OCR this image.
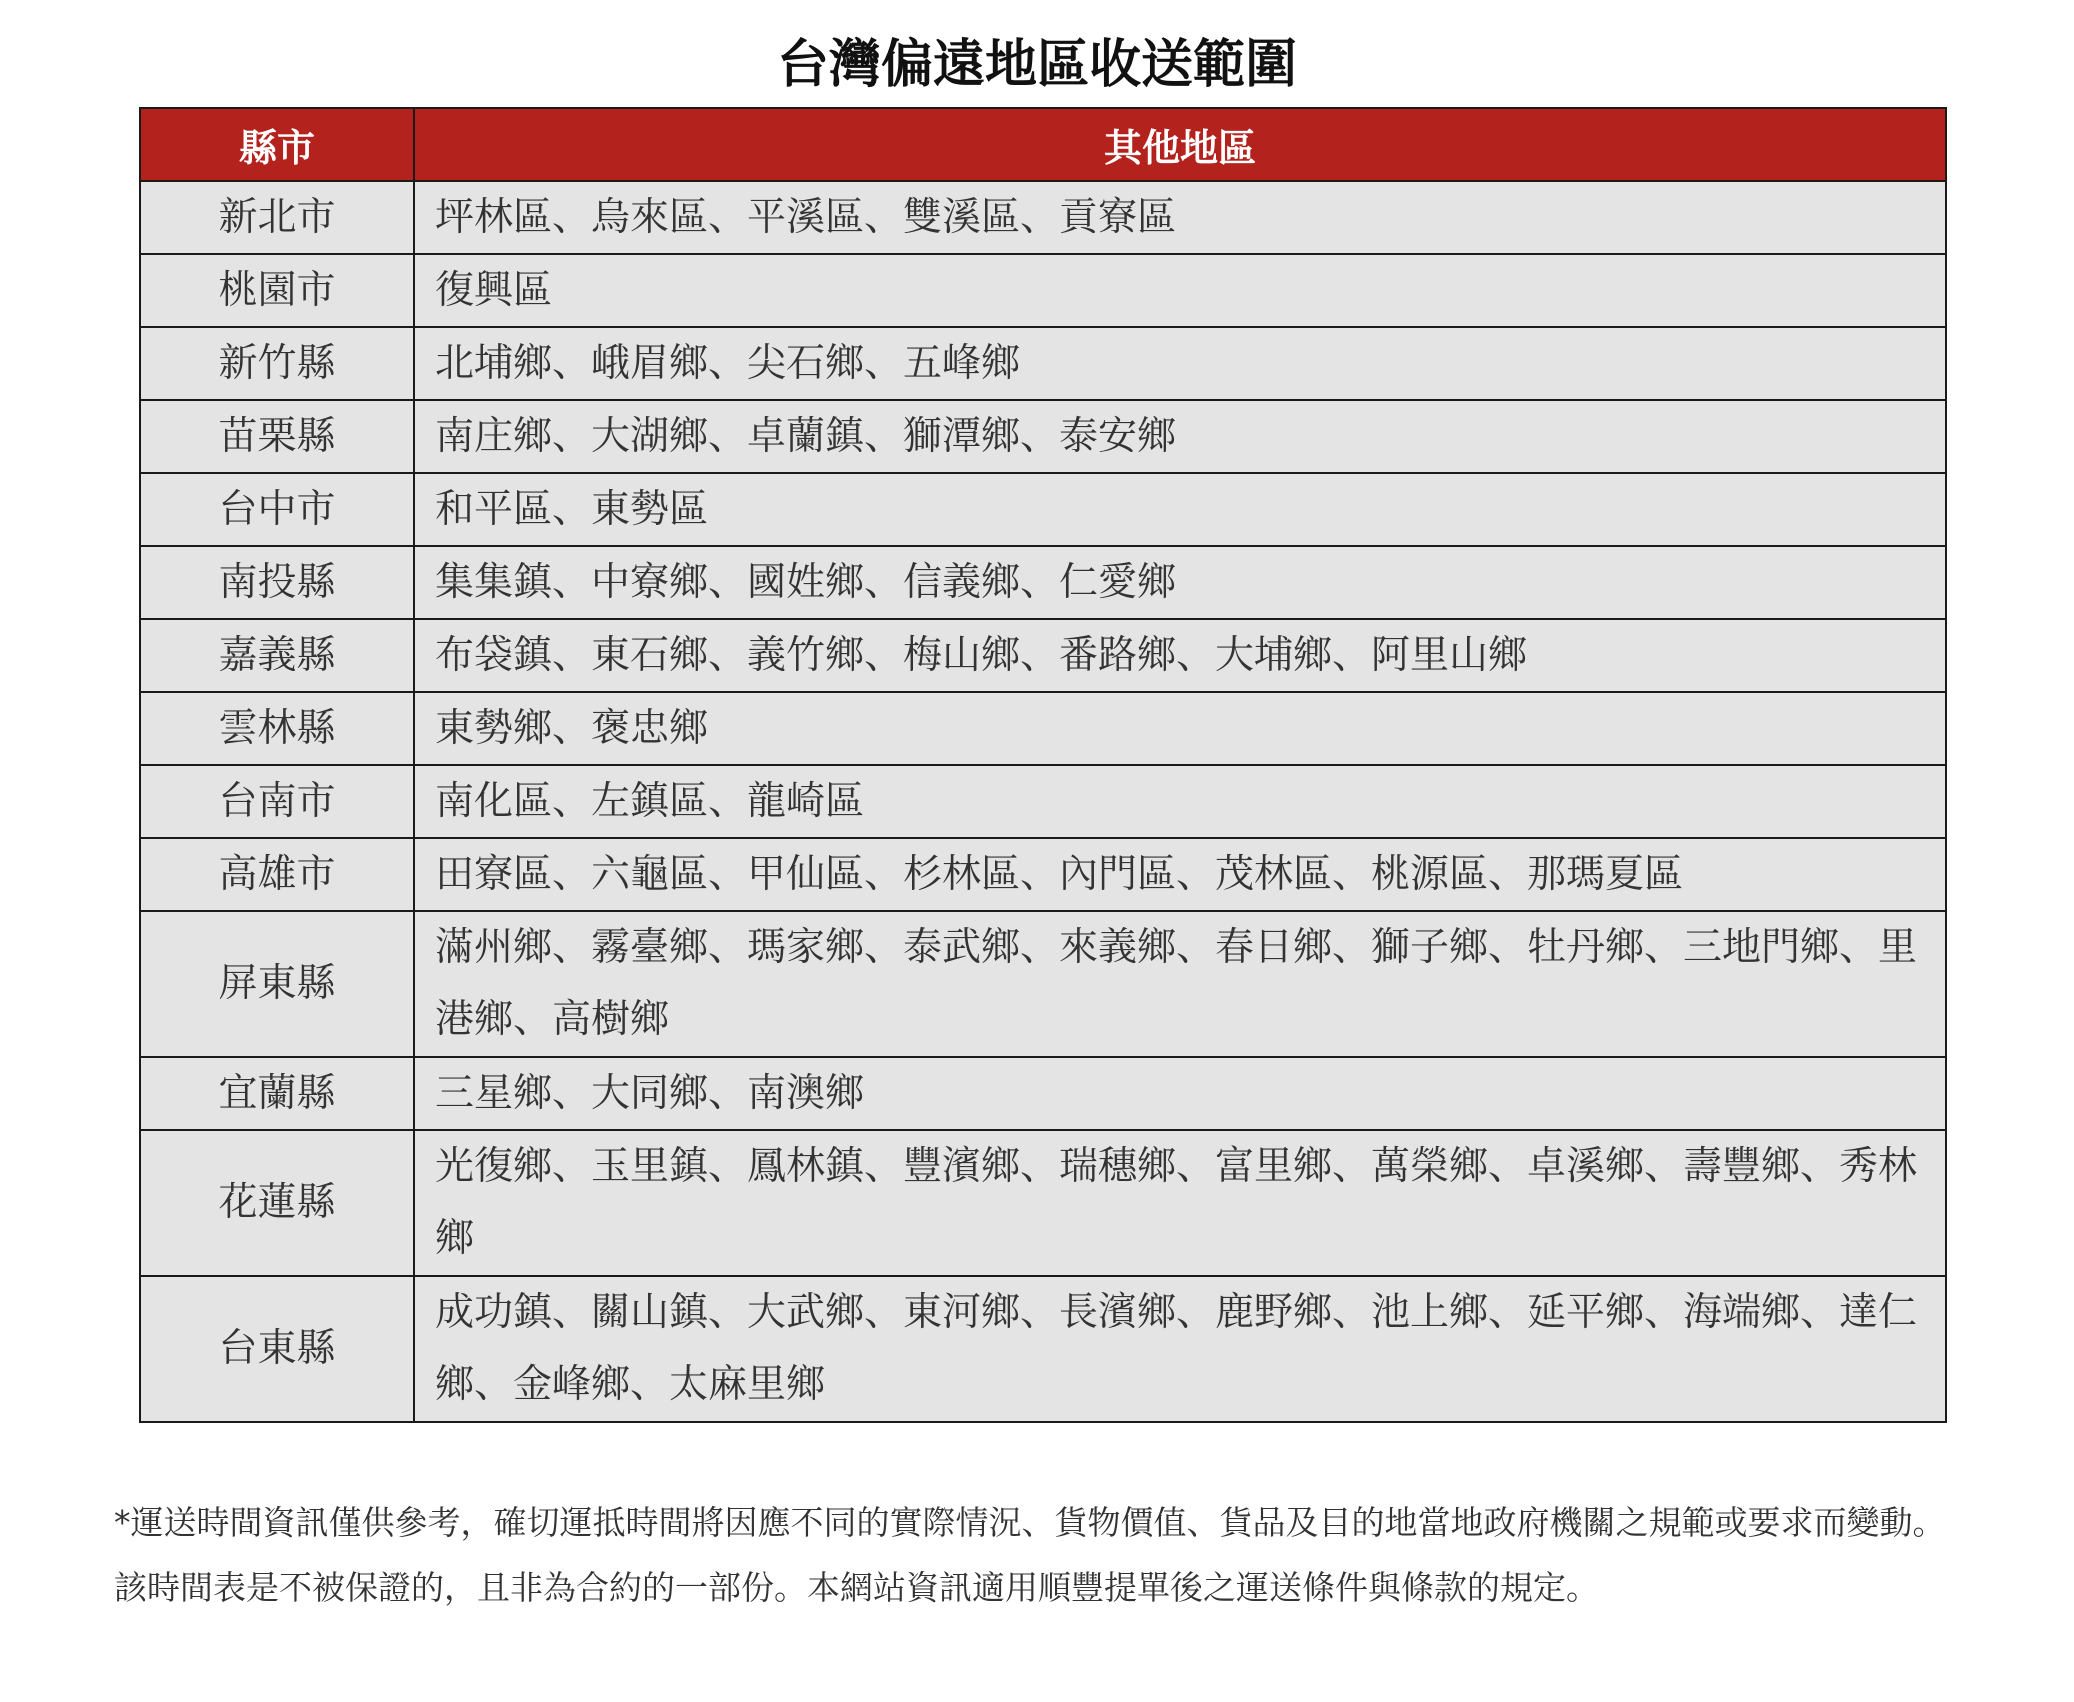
台灣偏遠地區收送範圍
縣市	其他地區
新北市	坪林區、烏來區、平溪區、雙溪區、貢寮區
桃園市	復興區
新竹縣	北埔鄉、峨眉鄉、尖石鄉、五峰鄉
苗栗縣	南庄鄉、大湖鄉、卓蘭鎮、獅潭鄉、泰安鄉
台中市	和平區、東勢區
南投縣	集集鎮、中寮鄉、國姓鄉、信義鄉、仁愛鄉
嘉義縣	布袋鎮、東石鄉、義竹鄉、梅山鄉、番路鄉、大埔鄉、阿里山鄉
雲林縣	東勢鄉、褒忠鄉
台南市	南化區、左鎮區、龍崎區
高雄市	田寮區、六龜區、甲仙區、杉林區、內門區、茂林區、桃源區、那瑪夏區
屏東縣	滿州鄉、霧臺鄉、瑪家鄉、泰武鄉、來義鄉、春日鄉、獅子鄉、牡丹鄉、三地門鄉、里港鄉、高樹鄉
宜蘭縣	三星鄉、大同鄉、南澳鄉
花蓮縣	光復鄉、玉里鎮、鳳林鎮、豐濱鄉、瑞穗鄉、富里鄉、萬榮鄉、卓溪鄉、壽豐鄉、秀林鄉
台東縣	成功鎮、關山鎮、大武鄉、東河鄉、長濱鄉、鹿野鄉、池上鄉、延平鄉、海端鄉、達仁鄉、金峰鄉、太麻里鄉

*運送時間資訊僅供參考，確切運抵時間將因應不同的實際情況、貨物價值、貨品及目的地當地政府機關之規範或要求而變動。該時間表是不被保證的，且非為合約的一部份。本網站資訊適用順豐提單後之運送條件與條款的規定。
